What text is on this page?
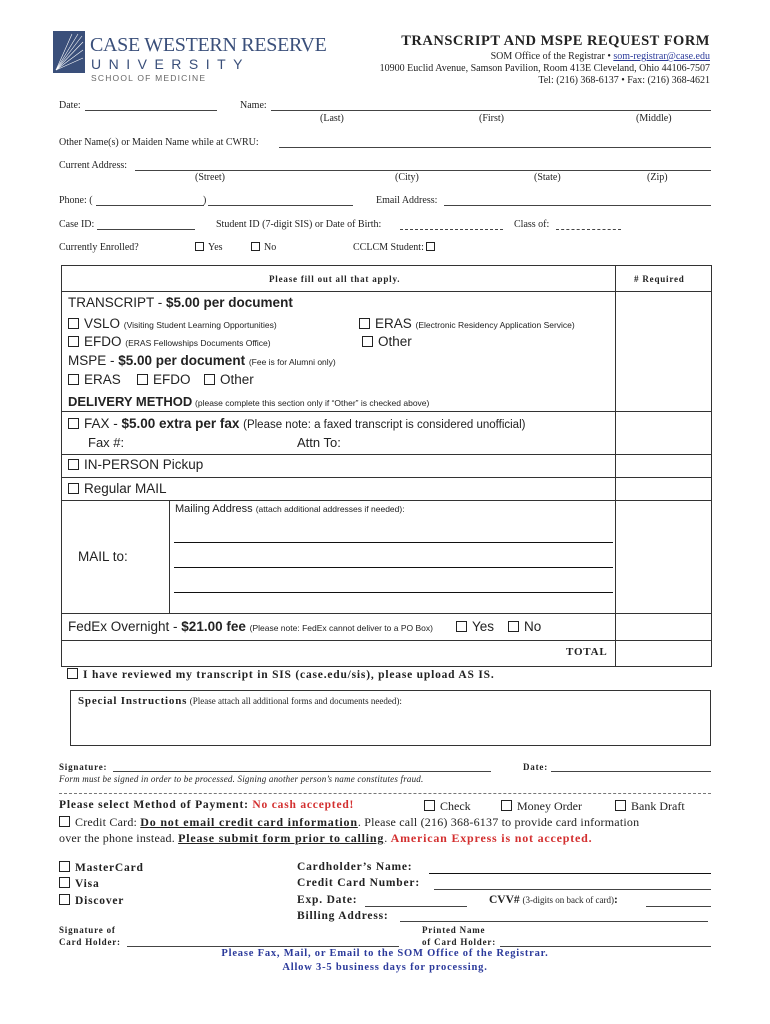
CASE WESTERN RESERVE
UNIVERSITY
SCHOOL OF MEDICINE
TRANSCRIPT AND MSPE REQUEST FORM
SOM Office of the Registrar • som-registrar@case.edu
10900 Euclid Avenue, Samson Pavilion, Room 413E Cleveland, Ohio 44106-7507
Tel: (216) 368-6137 • Fax: (216) 368-4621
Date:	Name:
(Last)	(First)	(Middle)
Other Name(s) or Maiden Name while at CWRU:
Current Address:
(Street)	(City)	(State)	(Zip)
Phone: (	)	Email Address:
Case ID:	Student ID (7-digit SIS) or Date of Birth:	Class of:
Currently Enrolled?	Yes	No	CCLCM Student:
Please fill out all that apply.	# Required
TRANSCRIPT - $5.00 per document
VSLO (Visiting Student Learning Opportunities)	ERAS (Electronic Residency Application Service)
EFDO (ERAS Fellowships Documents Office)	Other
MSPE - $5.00 per document (Fee is for Alumni only)
ERAS	EFDO	Other
DELIVERY METHOD (please complete this section only if “Other” is checked above)
FAX - $5.00 extra per fax (Please note: a faxed transcript is considered unofficial)
Fax #:	Attn To:
IN-PERSON Pickup
Regular MAIL
Mailing Address (attach additional addresses if needed):
MAIL to:
FedEx Overnight - $21.00 fee (Please note: FedEx cannot deliver to a PO Box)	Yes	No
TOTAL
I have reviewed my transcript in SIS (case.edu/sis), please upload AS IS.
Special Instructions (Please attach all additional forms and documents needed):
Signature:	Date:
Form must be signed in order to be processed. Signing another person’s name constitutes fraud.
Please select Method of Payment: No cash accepted!	Check	Money Order	Bank Draft
Credit Card: Do not email credit card information. Please call (216) 368-6137 to provide card information
over the phone instead. Please submit form prior to calling. American Express is not accepted.
MasterCard
Visa
Discover
Cardholder’s Name:
Credit Card Number:
Exp. Date:	CVV# (3-digits on back of card):
Billing Address:
Signature of
Card Holder:
Printed Name
of Card Holder:
Please Fax, Mail, or Email to the SOM Office of the Registrar.
Allow 3-5 business days for processing.
